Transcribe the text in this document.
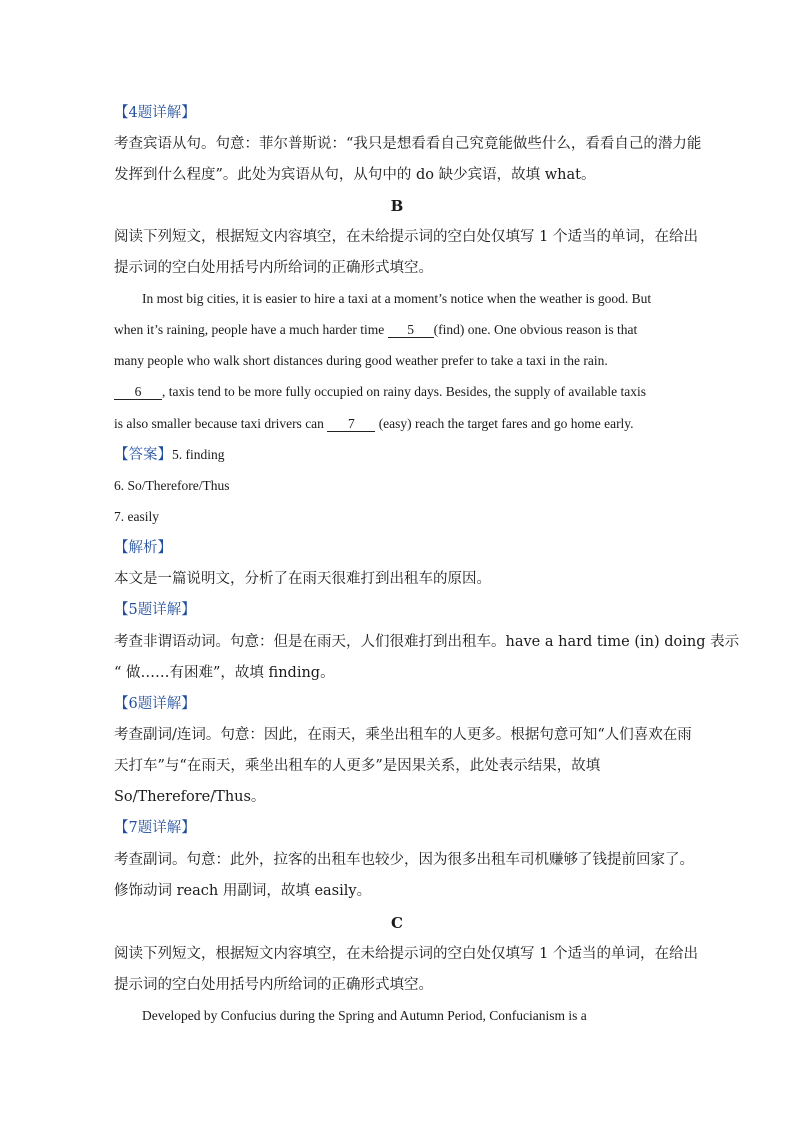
【4题详解】
考查宾语从句。句意：菲尔普斯说：“我只是想看看自己究竟能做些什么，看看自己的潜力能
发挥到什么程度”。此处为宾语从句，从句中的 do 缺少宾语，故填 what。
B
阅读下列短文，根据短文内容填空，在未给提示词的空白处仅填写 1 个适当的单词，在给出
提示词的空白处用括号内所给词的正确形式填空。
In most big cities, it is easier to hire a taxi at a moment’s notice when the weather is good. But
when it’s raining, people have a much harder time 5 (find) one. One obvious reason is that
many people who walk short distances during good weather prefer to take a taxi in the rain.
6 , taxis tend to be more fully occupied on rainy days. Besides, the supply of available taxis
is also smaller because taxi drivers can 7 (easy) reach the target fares and go home early.
【答案】5. finding
6. So/Therefore/Thus
7. easily
【解析】
本文是一篇说明文，分析了在雨天很难打到出租车的原因。
【5题详解】
考查非谓语动词。句意：但是在雨天，人们很难打到出租车。have a hard time (in) doing 表示
“ 做……有困难”，故填 finding。
【6题详解】
考查副词/连词。句意：因此，在雨天，乘坐出租车的人更多。根据句意可知“人们喜欢在雨
天打车”与“在雨天，乘坐出租车的人更多”是因果关系，此处表示结果，故填
So/Therefore/Thus。
【7题详解】
考查副词。句意：此外，拉客的出租车也较少，因为很多出租车司机赚够了钱提前回家了。
修饰动词 reach 用副词，故填 easily。
C
阅读下列短文，根据短文内容填空，在未给提示词的空白处仅填写 1 个适当的单词，在给出
提示词的空白处用括号内所给词的正确形式填空。
Developed by Confucius during the Spring and Autumn Period, Confucianism is a
